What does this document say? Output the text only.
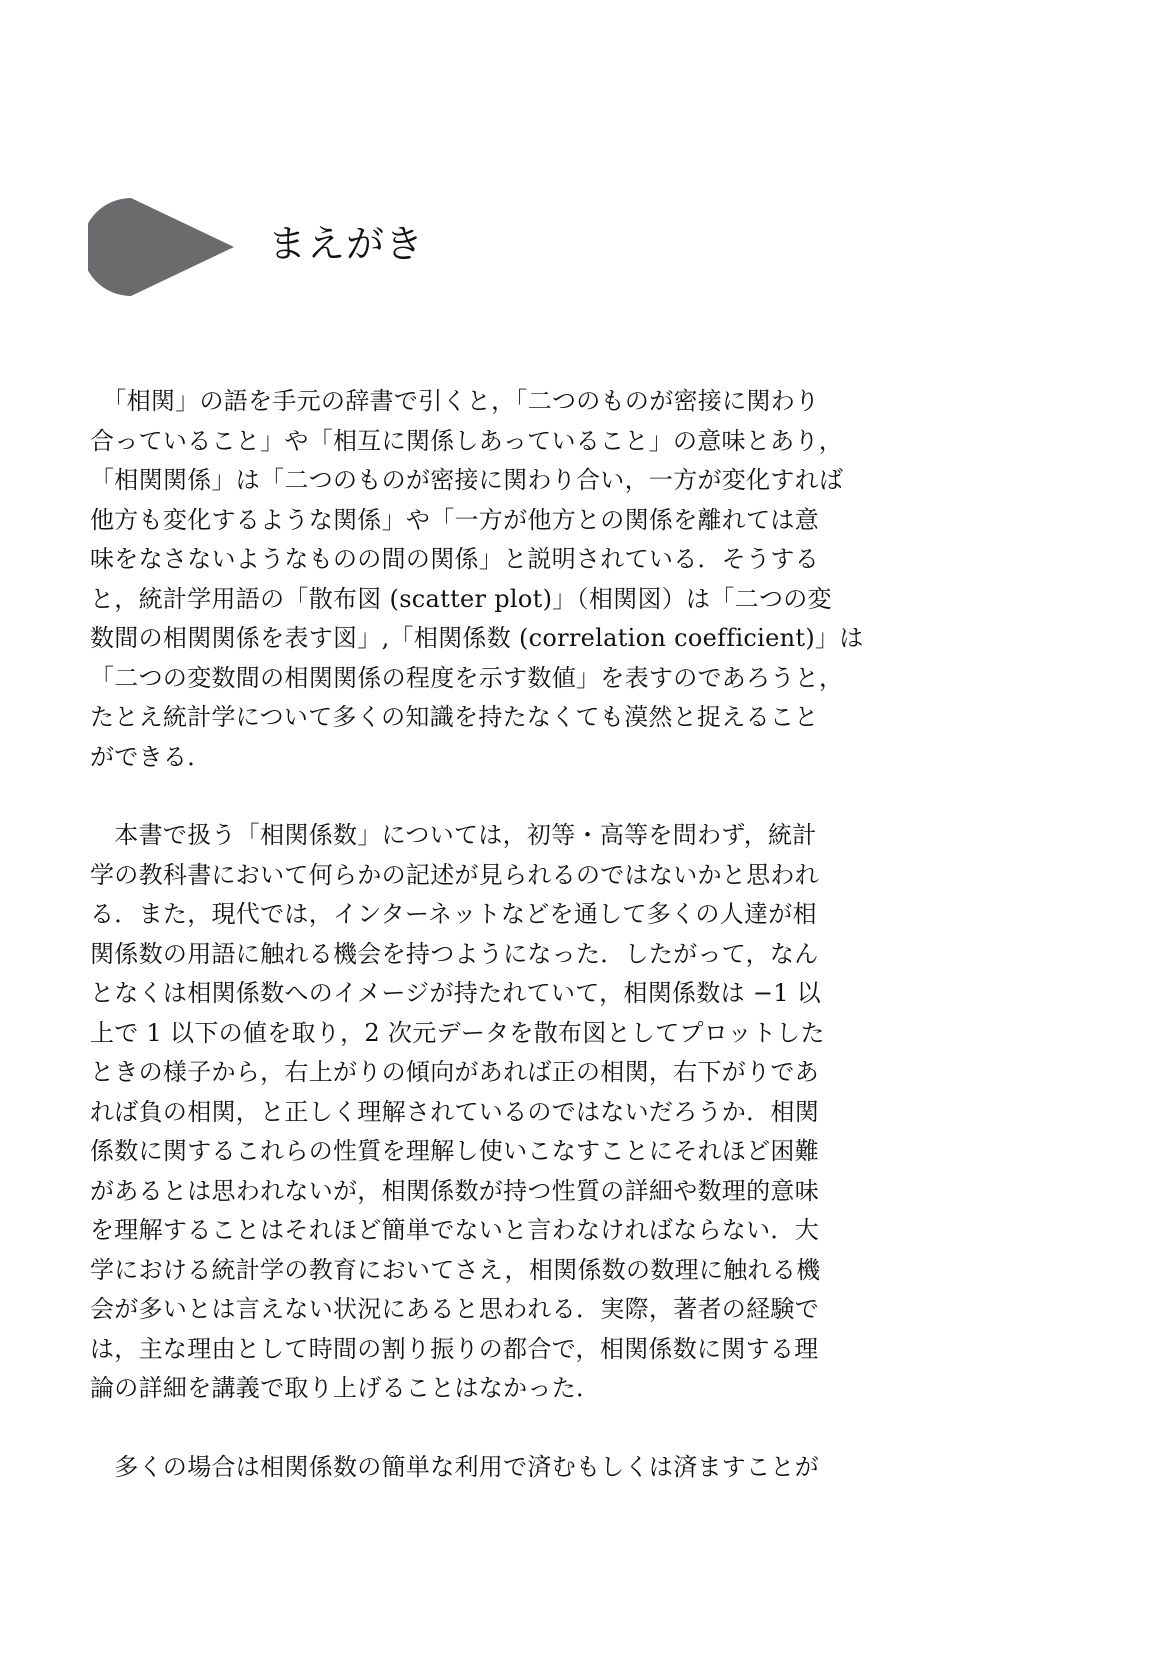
まえがき

　「相関」の語を手元の辞書で引くと，「二つのものが密接に関わり
合っていること」や「相互に関係しあっていること」の意味とあり，
「相関関係」は「二つのものが密接に関わり合い，一方が変化すれば
他方も変化するような関係」や「一方が他方との関係を離れては意
味をなさないようなものの間の関係」と説明されている．そうする
と，統計学用語の「散布図 (scatter plot)」（相関図）は「二つの変
数間の相関関係を表す図」,「相関係数 (correlation coefficient)」は
「二つの変数間の相関関係の程度を示す数値」を表すのであろうと，
たとえ統計学について多くの知識を持たなくても漠然と捉えること
ができる．

　本書で扱う「相関係数」については，初等・高等を問わず，統計
学の教科書において何らかの記述が見られるのではないかと思われ
る．また，現代では，インターネットなどを通して多くの人達が相
関係数の用語に触れる機会を持つようになった．したがって，なん
となくは相関係数へのイメージが持たれていて，相関係数は −1 以
上で 1 以下の値を取り，2 次元データを散布図としてプロットした
ときの様子から，右上がりの傾向があれば正の相関，右下がりであ
れば負の相関，と正しく理解されているのではないだろうか．相関
係数に関するこれらの性質を理解し使いこなすことにそれほど困難
があるとは思われないが，相関係数が持つ性質の詳細や数理的意味
を理解することはそれほど簡単でないと言わなければならない．大
学における統計学の教育においてさえ，相関係数の数理に触れる機
会が多いとは言えない状況にあると思われる．実際，著者の経験で
は，主な理由として時間の割り振りの都合で，相関係数に関する理
論の詳細を講義で取り上げることはなかった．

　多くの場合は相関係数の簡単な利用で済むもしくは済ますことが
